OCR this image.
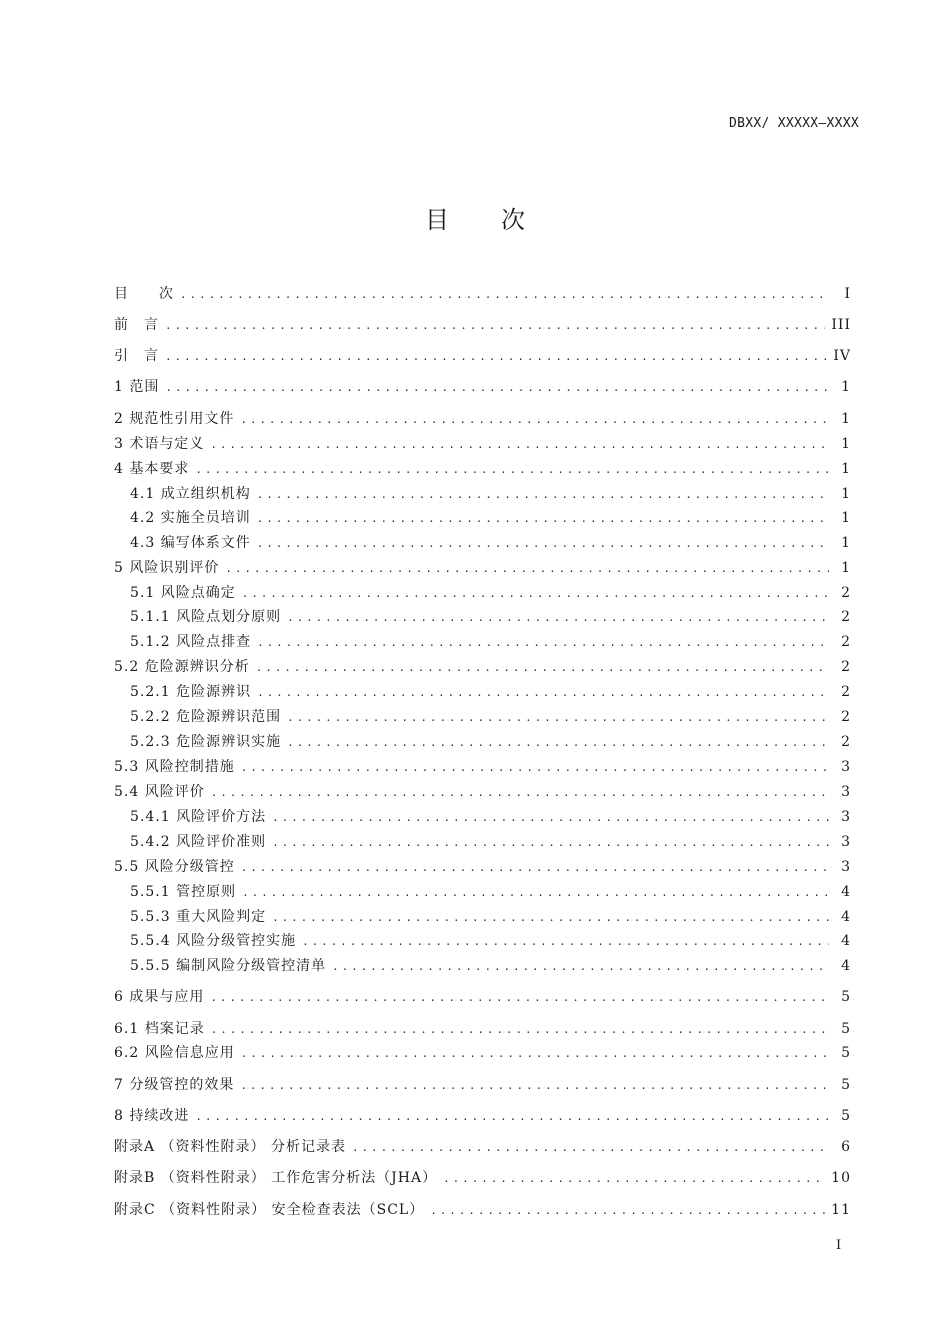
DBXX/ XXXXX—XXXX
目次
目　　次 .....	I
前　言 .....	III
引　言 .....	IV
1 范围 .....	1
2 规范性引用文件 .....	1
3 术语与定义 .....	1
4 基本要求 .....	1
4.1 成立组织机构 .....	1
4.2 实施全员培训 .....	1
4.3 编写体系文件 .....	1
5 风险识别评价 .....	1
5.1 风险点确定 .....	2
5.1.1 风险点划分原则 .....	2
5.1.2 风险点排查 .....	2
5.2 危险源辨识分析 .....	2
5.2.1 危险源辨识 .....	2
5.2.2 危险源辨识范围 .....	2
5.2.3 危险源辨识实施 .....	2
5.3 风险控制措施 .....	3
5.4 风险评价 .....	3
5.4.1 风险评价方法 .....	3
5.4.2 风险评价准则 .....	3
5.5 风险分级管控 .....	3
5.5.1 管控原则 .....	4
5.5.3 重大风险判定 .....	4
5.5.4 风险分级管控实施 .....	4
5.5.5 编制风险分级管控清单 .....	4
6 成果与应用 .....	5
6.1 档案记录 .....	5
6.2 风险信息应用 .....	5
7 分级管控的效果 .....	5
8 持续改进 .....	5
附录A （资料性附录） 分析记录表 .....	6
附录B （资料性附录） 工作危害分析法（JHA） .....	10
附录C （资料性附录） 安全检查表法（SCL） .....	11
I
